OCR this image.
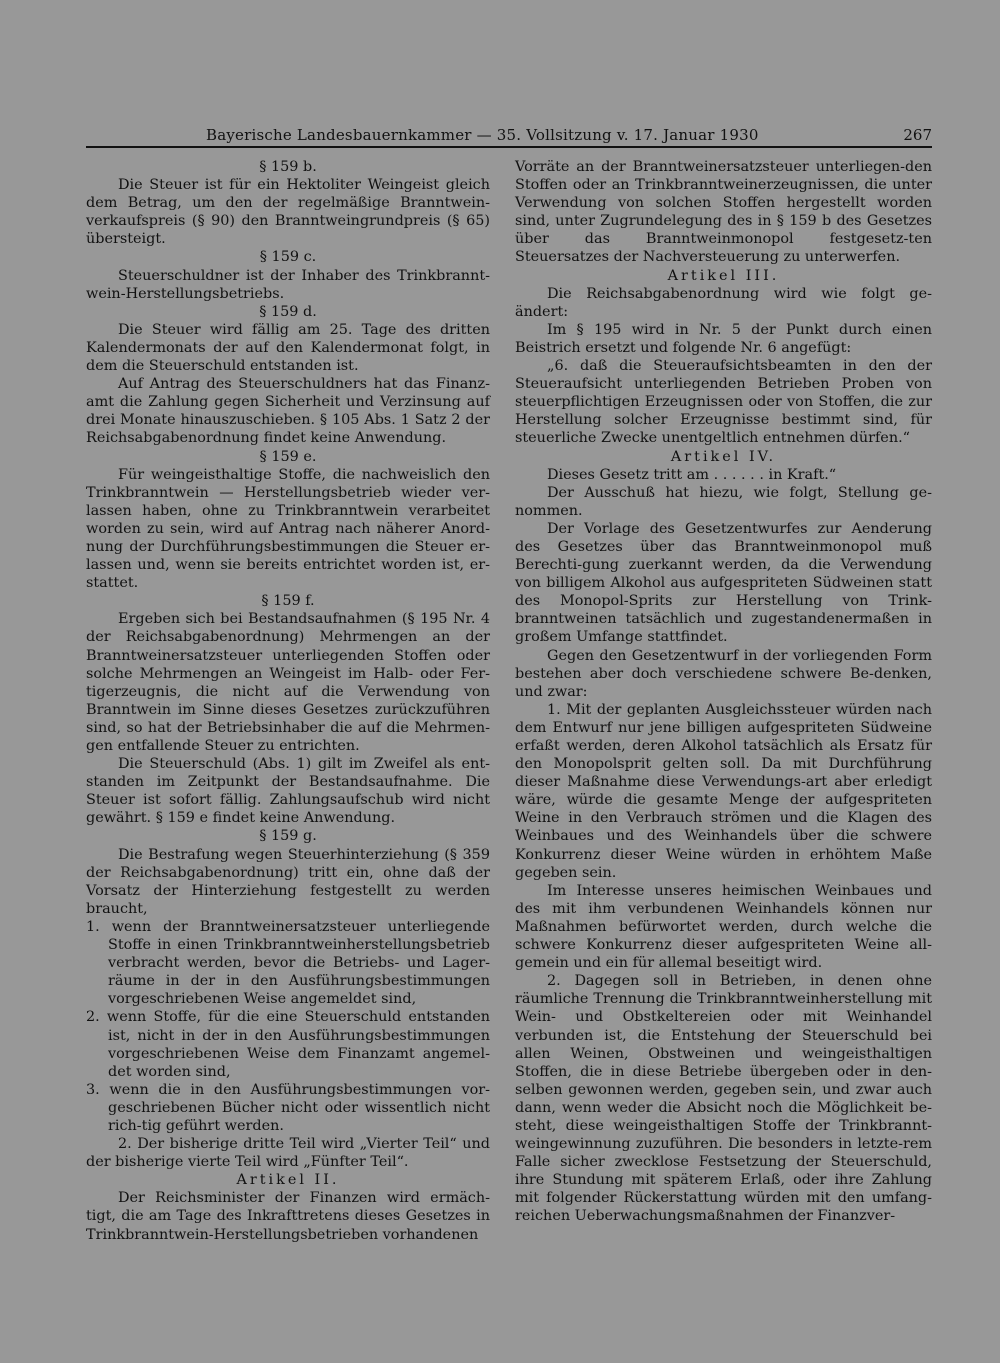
Bayerische Landesbauernkammer — 35. Vollsitzung v. 17. Januar 1930	267

§ 159 b.

Die Steuer ist für ein Hektoliter Weingeist gleich dem Betrag, um den der regelmäßige Branntwein-verkaufspreis (§ 90) den Branntweingrundpreis (§ 65) übersteigt.

§ 159 c.

Steuerschuldner ist der Inhaber des Trinkbrannt-wein-Herstellungsbetriebs.

§ 159 d.

Die Steuer wird fällig am 25. Tage des dritten Kalendermonats der auf den Kalendermonat folgt, in dem die Steuerschuld entstanden ist.

Auf Antrag des Steuerschuldners hat das Finanz-amt die Zahlung gegen Sicherheit und Verzinsung auf drei Monate hinauszuschieben. § 105 Abs. 1 Satz 2 der Reichsabgabenordnung findet keine Anwendung.

§ 159 e.

Für weingeisthaltige Stoffe, die nachweislich den Trinkbranntwein — Herstellungsbetrieb wieder ver-lassen haben, ohne zu Trinkbranntwein verarbeitet worden zu sein, wird auf Antrag nach näherer Anord-nung der Durchführungsbestimmungen die Steuer er-lassen und, wenn sie bereits entrichtet worden ist, er-stattet.

§ 159 f.

Ergeben sich bei Bestandsaufnahmen (§ 195 Nr. 4 der Reichsabgabenordnung) Mehrmengen an der Branntweinersatzsteuer unterliegenden Stoffen oder solche Mehrmengen an Weingeist im Halb- oder Fer-tigerzeugnis, die nicht auf die Verwendung von Branntwein im Sinne dieses Gesetzes zurückzuführen sind, so hat der Betriebsinhaber die auf die Mehrmen-gen entfallende Steuer zu entrichten.

Die Steuerschuld (Abs. 1) gilt im Zweifel als ent-standen im Zeitpunkt der Bestandsaufnahme. Die Steuer ist sofort fällig. Zahlungsaufschub wird nicht gewährt. § 159 e findet keine Anwendung.

§ 159 g.

Die Bestrafung wegen Steuerhinterziehung (§ 359 der Reichsabgabenordnung) tritt ein, ohne daß der Vorsatz der Hinterziehung festgestellt zu werden braucht,

1. wenn der Branntweinersatzsteuer unterliegende Stoffe in einen Trinkbranntweinherstellungsbetrieb verbracht werden, bevor die Betriebs- und Lager-räume in der in den Ausführungsbestimmungen vorgeschriebenen Weise angemeldet sind,

2. wenn Stoffe, für die eine Steuerschuld entstanden ist, nicht in der in den Ausführungsbestimmungen vorgeschriebenen Weise dem Finanzamt angemel-det worden sind,

3. wenn die in den Ausführungsbestimmungen vor-geschriebenen Bücher nicht oder wissentlich nicht rich-tig geführt werden.

2. Der bisherige dritte Teil wird „Vierter Teil“ und der bisherige vierte Teil wird „Fünfter Teil“.

Artikel II.

Der Reichsminister der Finanzen wird ermäch-tigt, die am Tage des Inkrafttretens dieses Gesetzes in Trinkbranntwein-Herstellungsbetrieben vorhandenen

Vorräte an der Branntweinersatzsteuer unterliegen-den Stoffen oder an Trinkbranntweinerzeugnissen, die unter Verwendung von solchen Stoffen hergestellt worden sind, unter Zugrundelegung des in § 159 b des Gesetzes über das Branntweinmonopol festgesetz-ten Steuersatzes der Nachversteuerung zu unterwerfen.

Artikel III.

Die Reichsabgabenordnung wird wie folgt ge-ändert:

Im § 195 wird in Nr. 5 der Punkt durch einen Beistrich ersetzt und folgende Nr. 6 angefügt:

„6. daß die Steueraufsichtsbeamten in den der Steueraufsicht unterliegenden Betrieben Proben von steuerpflichtigen Erzeugnissen oder von Stoffen, die zur Herstellung solcher Erzeugnisse bestimmt sind, für steuerliche Zwecke unentgeltlich entnehmen dürfen.“

Artikel IV.

Dieses Gesetz tritt am . . . . . . in Kraft.“

Der Ausschuß hat hiezu, wie folgt, Stellung ge-nommen.

Der Vorlage des Gesetzentwurfes zur Aenderung des Gesetzes über das Branntweinmonopol muß Berechti-gung zuerkannt werden, da die Verwendung von billigem Alkohol aus aufgespriteten Südweinen statt des Monopol-Sprits zur Herstellung von Trink-branntweinen tatsächlich und zugestandenermaßen in großem Umfange stattfindet.

Gegen den Gesetzentwurf in der vorliegenden Form bestehen aber doch verschiedene schwere Be-denken, und zwar:

1. Mit der geplanten Ausgleichssteuer würden nach dem Entwurf nur jene billigen aufgespriteten Südweine erfaßt werden, deren Alkohol tatsächlich als Ersatz für den Monopolsprit gelten soll. Da mit Durchführung dieser Maßnahme diese Verwendungs-art aber erledigt wäre, würde die gesamte Menge der aufgespriteten Weine in den Verbrauch strömen und die Klagen des Weinbaues und des Weinhandels über die schwere Konkurrenz dieser Weine würden in erhöhtem Maße gegeben sein.

Im Interesse unseres heimischen Weinbaues und des mit ihm verbundenen Weinhandels können nur Maßnahmen befürwortet werden, durch welche die schwere Konkurrenz dieser aufgespriteten Weine all-gemein und ein für allemal beseitigt wird.

2. Dagegen soll in Betrieben, in denen ohne räumliche Trennung die Trinkbranntweinherstellung mit Wein- und Obstkeltereien oder mit Weinhandel verbunden ist, die Entstehung der Steuerschuld bei allen Weinen, Obstweinen und weingeisthaltigen Stoffen, die in diese Betriebe übergeben oder in den-selben gewonnen werden, gegeben sein, und zwar auch dann, wenn weder die Absicht noch die Möglichkeit be-steht, diese weingeisthaltigen Stoffe der Trinkbrannt-weingewinnung zuzuführen. Die besonders in letzte-rem Falle sicher zwecklose Festsetzung der Steuerschuld, ihre Stundung mit späterem Erlaß, oder ihre Zahlung mit folgender Rückerstattung würden mit den umfang-reichen Ueberwachungsmaßnahmen der Finanzver-
